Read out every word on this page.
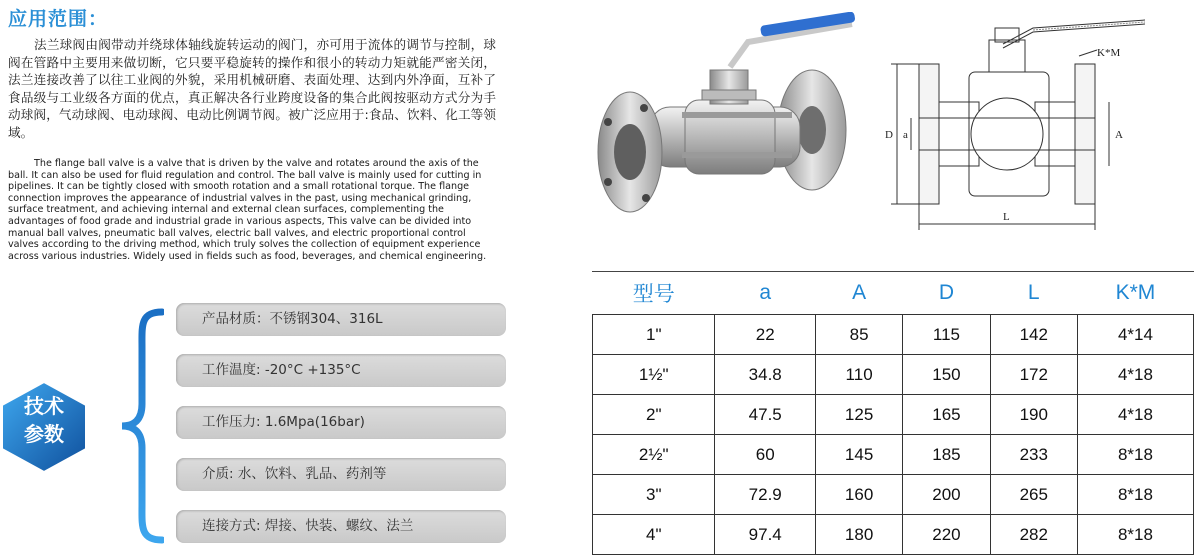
应用范围：
法兰球阀由阀带动并绕球体轴线旋转运动的阀门，亦可用于流体的调节与控制，球阀在管路中主要用来做切断，它只要平稳旋转的操作和很小的转动力矩就能严密关闭，法兰连接改善了以往工业阀的外貌，采用机械研磨、表面处理、达到内外净面，互补了食品级与工业级各方面的优点，真正解决各行业跨度设备的集合此阀按驱动方式分为手动球阀，气动球阀、电动球阀、电动比例调节阀。被广泛应用于:食品、饮料、化工等领域。
The flange ball valve is a valve that is driven by the valve and rotates around the axis of the ball. It can also be used for fluid regulation and control. The ball valve is mainly used for cutting in pipelines. It can be tightly closed with smooth rotation and a small rotational torque. The flange connection improves the appearance of industrial valves in the past, using mechanical grinding, surface treatment, and achieving internal and external clean surfaces, complementing the advantages of food grade and industrial grade in various aspects, This valve can be divided into manual ball valves, pneumatic ball valves, electric ball valves, and electric proportional control valves according to the driving method, which truly solves the collection of equipment experience across various industries. Widely used in fields such as food, beverages, and chemical engineering.
技术
参数
产品材质：不锈钢304、316L
工作温度: -20°C +135°C
工作压力: 1.6Mpa(16bar)
介质: 水、饮料、乳品、药剂等
连接方式: 焊接、快装、螺纹、法兰
D a	A
L
K*M
型号	a	A	D	L	K*M
1"	22	85	115	142	4*14
1½"	34.8	110	150	172	4*18
2"	47.5	125	165	190	4*18
2½"	60	145	185	233	8*18
3"	72.9	160	200	265	8*18
4"	97.4	180	220	282	8*18
